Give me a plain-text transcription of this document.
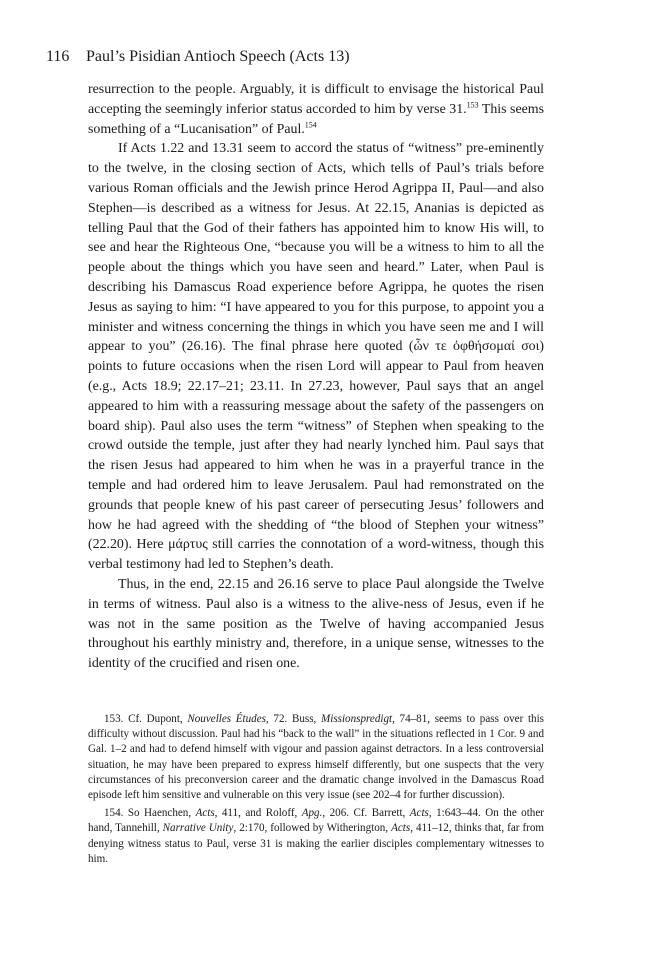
116	Paul’s Pisidian Antioch Speech (Acts 13)

resurrection to the people. Arguably, it is difficult to envisage the historical Paul accepting the seemingly inferior status accorded to him by verse 31.$^{153}$ This seems something of a “Lucanisation” of Paul.$^{154}$

If Acts 1.22 and 13.31 seem to accord the status of “witness” pre-eminently to the twelve, in the closing section of Acts, which tells of Paul’s trials before various Roman officials and the Jewish prince Herod Agrippa II, Paul—and also Stephen—is described as a witness for Jesus. At 22.15, Ananias is depicted as telling Paul that the God of their fathers has appointed him to know His will, to see and hear the Righteous One, “because you will be a witness to him to all the people about the things which you have seen and heard.” Later, when Paul is describing his Damascus Road experience before Agrippa, he quotes the risen Jesus as saying to him: “I have appeared to you for this purpose, to appoint you a minister and witness concerning the things in which you have seen me and I will appear to you” (26.16). The final phrase here quoted (ὧν τε ὀφθήσομαί σοι) points to future occasions when the risen Lord will appear to Paul from heaven (e.g., Acts 18.9; 22.17–21; 23.11. In 27.23, however, Paul says that an angel appeared to him with a reassuring message about the safety of the passengers on board ship). Paul also uses the term “witness” of Stephen when speaking to the crowd outside the temple, just after they had nearly lynched him. Paul says that the risen Jesus had appeared to him when he was in a prayerful trance in the temple and had ordered him to leave Jerusalem. Paul had remonstrated on the grounds that people knew of his past career of persecuting Jesus’ followers and how he had agreed with the shedding of “the blood of Stephen your witness” (22.20). Here μάρτυς still carries the connotation of a word-witness, though this verbal testimony had led to Stephen’s death.

Thus, in the end, 22.15 and 26.16 serve to place Paul alongside the Twelve in terms of witness. Paul also is a witness to the alive-ness of Jesus, even if he was not in the same position as the Twelve of having accompanied Jesus throughout his earthly ministry and, therefore, in a unique sense, witnesses to the identity of the crucified and risen one.

153. Cf. Dupont, Nouvelles Études, 72. Buss, Missionspredigt, 74–81, seems to pass over this difficulty without discussion. Paul had his “back to the wall” in the situations reflected in 1 Cor. 9 and Gal. 1–2 and had to defend himself with vigour and passion against detractors. In a less controversial situation, he may have been prepared to express himself differently, but one suspects that the very circumstances of his preconversion career and the dramatic change involved in the Damascus Road episode left him sensitive and vulnerable on this very issue (see 202–4 for further discussion).

154. So Haenchen, Acts, 411, and Roloff, Apg., 206. Cf. Barrett, Acts, 1:643–44. On the other hand, Tannehill, Narrative Unity, 2:170, followed by Witherington, Acts, 411–12, thinks that, far from denying witness status to Paul, verse 31 is making the earlier disciples complementary witnesses to him.
